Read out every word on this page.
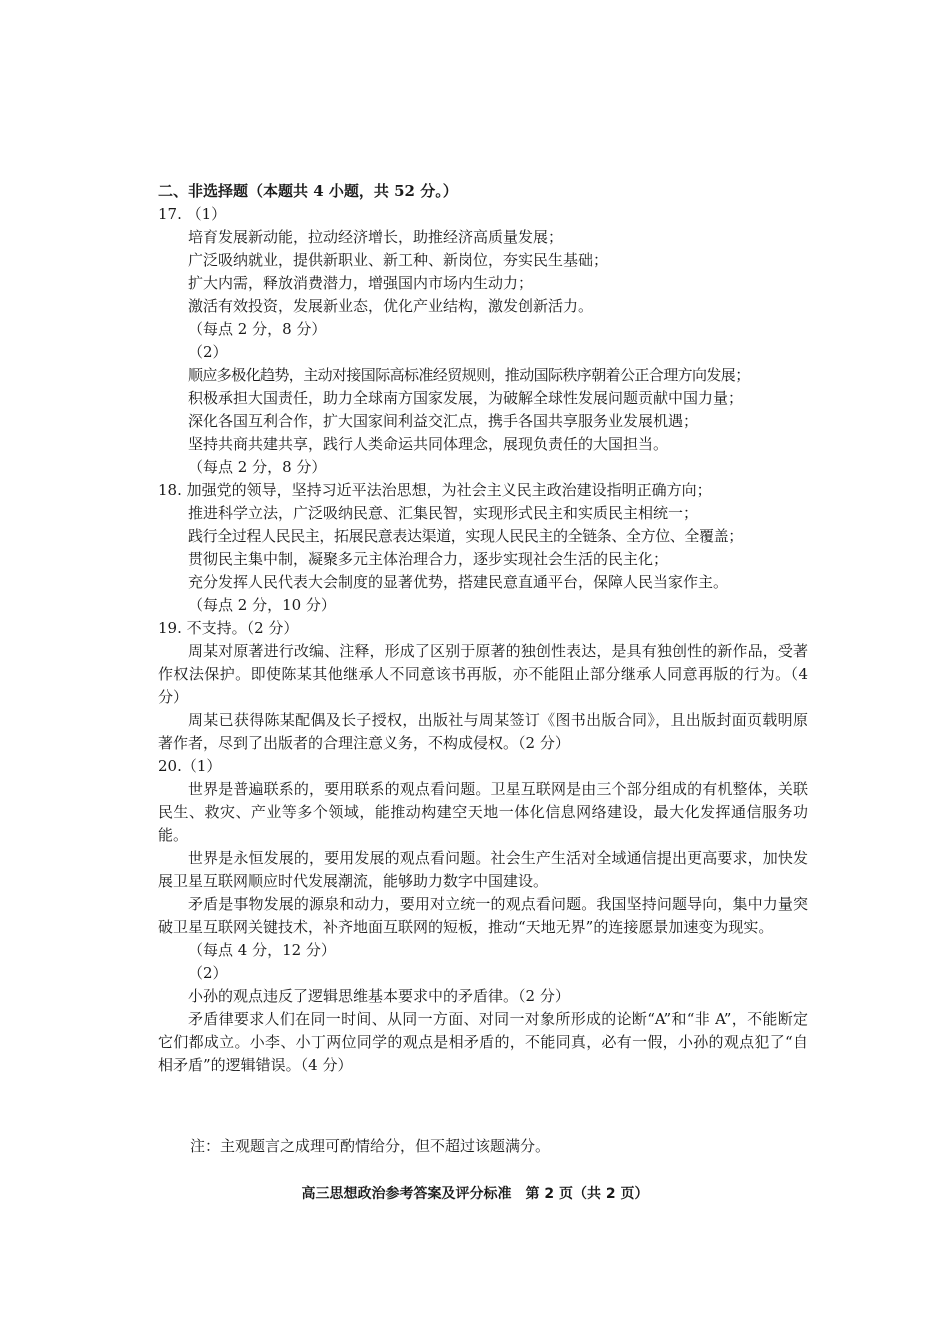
二、非选择题（本题共 4 小题，共 52 分。）
17. （1）
培育发展新动能，拉动经济增长，助推经济高质量发展；
广泛吸纳就业，提供新职业、新工种、新岗位，夯实民生基础；
扩大内需，释放消费潜力，增强国内市场内生动力；
激活有效投资，发展新业态，优化产业结构，激发创新活力。
（每点 2 分，8 分）
（2）
顺应多极化趋势，主动对接国际高标准经贸规则，推动国际秩序朝着公正合理方向发展；
积极承担大国责任，助力全球南方国家发展，为破解全球性发展问题贡献中国力量；
深化各国互利合作，扩大国家间利益交汇点，携手各国共享服务业发展机遇；
坚持共商共建共享，践行人类命运共同体理念，展现负责任的大国担当。
（每点 2 分，8 分）
18. 加强党的领导，坚持习近平法治思想，为社会主义民主政治建设指明正确方向；
推进科学立法，广泛吸纳民意、汇集民智，实现形式民主和实质民主相统一；
践行全过程人民民主，拓展民意表达渠道，实现人民民主的全链条、全方位、全覆盖；
贯彻民主集中制，凝聚多元主体治理合力，逐步实现社会生活的民主化；
充分发挥人民代表大会制度的显著优势，搭建民意直通平台，保障人民当家作主。
（每点 2 分，10 分）
19. 不支持。（2 分）
周某对原著进行改编、注释，形成了区别于原著的独创性表达，是具有独创性的新作品，受著作权法保护。即使陈某其他继承人不同意该书再版，亦不能阻止部分继承人同意再版的行为。（4 分）
周某已获得陈某配偶及长子授权，出版社与周某签订《图书出版合同》，且出版封面页载明原著作者，尽到了出版者的合理注意义务，不构成侵权。（2 分）
20.（1）
世界是普遍联系的，要用联系的观点看问题。卫星互联网是由三个部分组成的有机整体，关联民生、救灾、产业等多个领域，能推动构建空天地一体化信息网络建设，最大化发挥通信服务功能。
世界是永恒发展的，要用发展的观点看问题。社会生产生活对全域通信提出更高要求，加快发展卫星互联网顺应时代发展潮流，能够助力数字中国建设。
矛盾是事物发展的源泉和动力，要用对立统一的观点看问题。我国坚持问题导向，集中力量突破卫星互联网关键技术，补齐地面互联网的短板，推动“天地无界”的连接愿景加速变为现实。
（每点 4 分，12 分）
（2）
小孙的观点违反了逻辑思维基本要求中的矛盾律。（2 分）
矛盾律要求人们在同一时间、从同一方面、对同一对象所形成的论断“A”和“非 A”，不能断定它们都成立。小李、小丁两位同学的观点是相矛盾的，不能同真，必有一假，小孙的观点犯了“自相矛盾”的逻辑错误。（4 分）
注：主观题言之成理可酌情给分，但不超过该题满分。
高三思想政治参考答案及评分标准　第 2 页（共 2 页）
